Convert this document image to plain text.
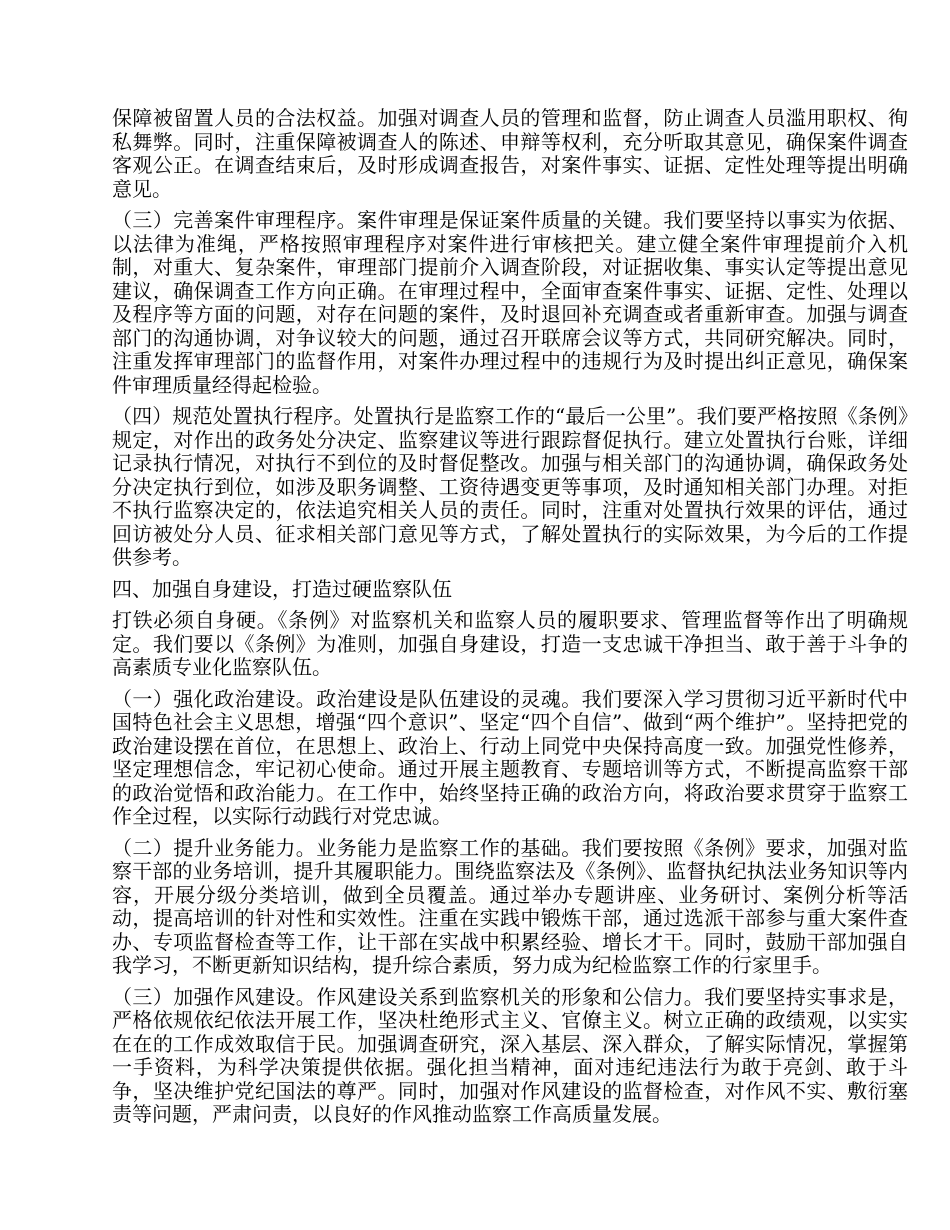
保障被留置人员的合法权益。加强对调查人员的管理和监督，防止调查人员滥用职权、徇私舞弊。同时，注重保障被调查人的陈述、申辩等权利，充分听取其意见，确保案件调查客观公正。在调查结束后，及时形成调查报告，对案件事实、证据、定性处理等提出明确意见。

（三）完善案件审理程序。案件审理是保证案件质量的关键。我们要坚持以事实为依据、以法律为准绳，严格按照审理程序对案件进行审核把关。建立健全案件审理提前介入机制，对重大、复杂案件，审理部门提前介入调查阶段，对证据收集、事实认定等提出意见建议，确保调查工作方向正确。在审理过程中，全面审查案件事实、证据、定性、处理以及程序等方面的问题，对存在问题的案件，及时退回补充调查或者重新审查。加强与调查部门的沟通协调，对争议较大的问题，通过召开联席会议等方式，共同研究解决。同时，注重发挥审理部门的监督作用，对案件办理过程中的违规行为及时提出纠正意见，确保案件审理质量经得起检验。

（四）规范处置执行程序。处置执行是监察工作的“最后一公里”。我们要严格按照《条例》规定，对作出的政务处分决定、监察建议等进行跟踪督促执行。建立处置执行台账，详细记录执行情况，对执行不到位的及时督促整改。加强与相关部门的沟通协调，确保政务处分决定执行到位，如涉及职务调整、工资待遇变更等事项，及时通知相关部门办理。对拒不执行监察决定的，依法追究相关人员的责任。同时，注重对处置执行效果的评估，通过回访被处分人员、征求相关部门意见等方式，了解处置执行的实际效果，为今后的工作提供参考。

四、加强自身建设，打造过硬监察队伍

打铁必须自身硬。《条例》对监察机关和监察人员的履职要求、管理监督等作出了明确规定。我们要以《条例》为准则，加强自身建设，打造一支忠诚干净担当、敢于善于斗争的高素质专业化监察队伍。

（一）强化政治建设。政治建设是队伍建设的灵魂。我们要深入学习贯彻习近平新时代中国特色社会主义思想，增强“四个意识”、坚定“四个自信”、做到“两个维护”。坚持把党的政治建设摆在首位，在思想上、政治上、行动上同党中央保持高度一致。加强党性修养，坚定理想信念，牢记初心使命。通过开展主题教育、专题培训等方式，不断提高监察干部的政治觉悟和政治能力。在工作中，始终坚持正确的政治方向，将政治要求贯穿于监察工作全过程，以实际行动践行对党忠诚。

（二）提升业务能力。业务能力是监察工作的基础。我们要按照《条例》要求，加强对监察干部的业务培训，提升其履职能力。围绕监察法及《条例》、监督执纪执法业务知识等内容，开展分级分类培训，做到全员覆盖。通过举办专题讲座、业务研讨、案例分析等活动，提高培训的针对性和实效性。注重在实践中锻炼干部，通过选派干部参与重大案件查办、专项监督检查等工作，让干部在实战中积累经验、增长才干。同时，鼓励干部加强自我学习，不断更新知识结构，提升综合素质，努力成为纪检监察工作的行家里手。

（三）加强作风建设。作风建设关系到监察机关的形象和公信力。我们要坚持实事求是，严格依规依纪依法开展工作，坚决杜绝形式主义、官僚主义。树立正确的政绩观，以实实在在的工作成效取信于民。加强调查研究，深入基层、深入群众，了解实际情况，掌握第一手资料，为科学决策提供依据。强化担当精神，面对违纪违法行为敢于亮剑、敢于斗争，坚决维护党纪国法的尊严。同时，加强对作风建设的监督检查，对作风不实、敷衍塞责等问题，严肃问责，以良好的作风推动监察工作高质量发展。
